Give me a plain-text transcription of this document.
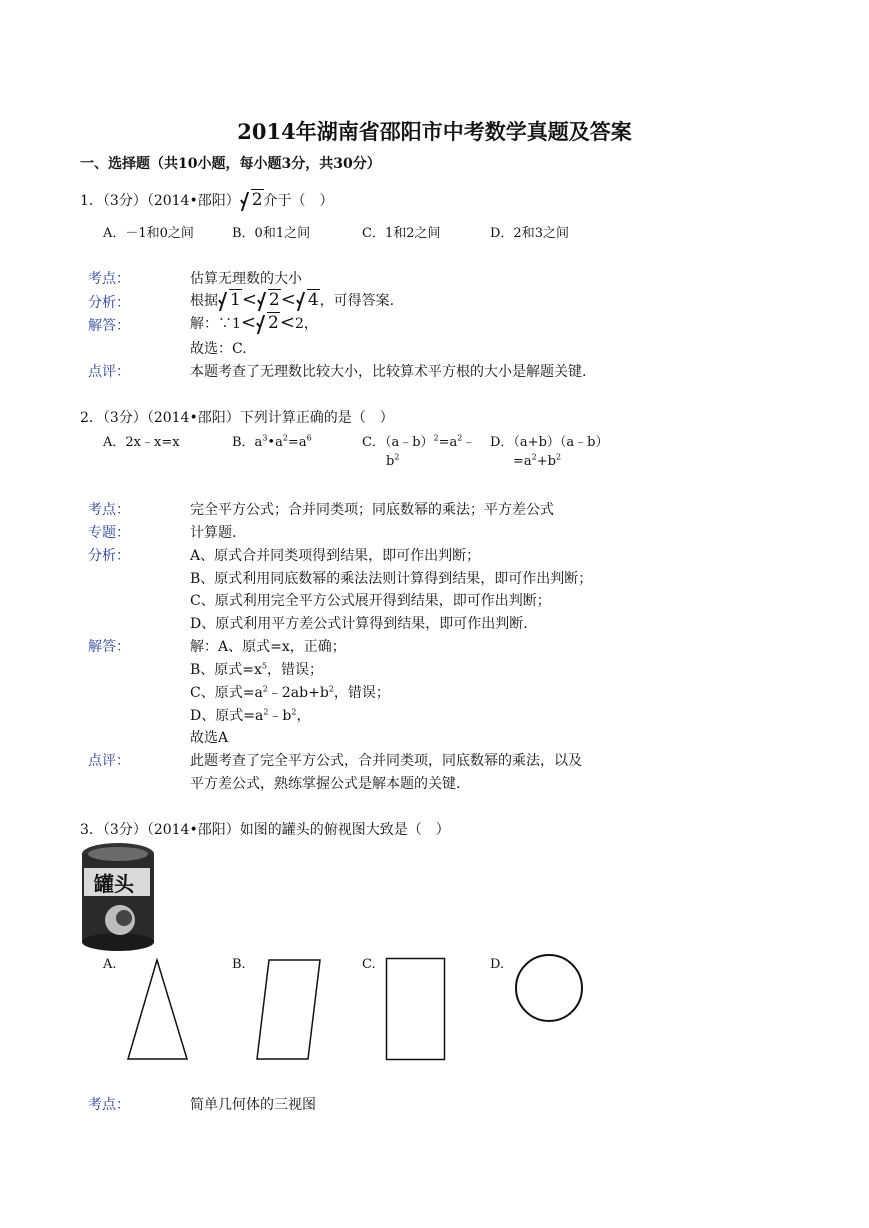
2014年湖南省邵阳市中考数学真题及答案
一、选择题（共10小题，每小题3分，共30分）
1．（3分）（2014•邵阳） 2介于（　）
A．－1和0之间	B．0和1之间	C．1和2之间	D．2和3之间
考点：	估算无理数的大小
分析：	根据 1< 2< 4，可得答案.
解答：	解：∵1< 2<2，
故选：C.
点评：	本题考查了无理数比较大小，比较算术平方根的大小是解题关键.
2．（3分）（2014•邵阳）下列计算正确的是（　）
A．2x﹣x=x	B．$a^3•a^2=a^6$	C．$(a﹣b)^2=a^2﹣$
$b^2$
D．（a+b）（a﹣b）
$=a^2+b^2$
考点：	完全平方公式；合并同类项；同底数幂的乘法；平方差公式
专题：	计算题.
分析：	A、原式合并同类项得到结果，即可作出判断；
B、原式利用同底数幂的乘法法则计算得到结果，即可作出判断；
C、原式利用完全平方公式展开得到结果，即可作出判断；
D、原式利用平方差公式计算得到结果，即可作出判断.
解答：	解：A、原式=x，正确；
B、原式$=x^5$，错误；
C、原式$=a^2﹣2ab+b^2$，错误；
D、原式$=a^2﹣b^2$，
故选A
点评：	此题考查了完全平方公式，合并同类项，同底数幂的乘法，以及
平方差公式，熟练掌握公式是解本题的关键.
3．（3分）（2014•邵阳）如图的罐头的俯视图大致是（　）
罐头
A.	B.	C.	D.
考点：	简单几何体的三视图
